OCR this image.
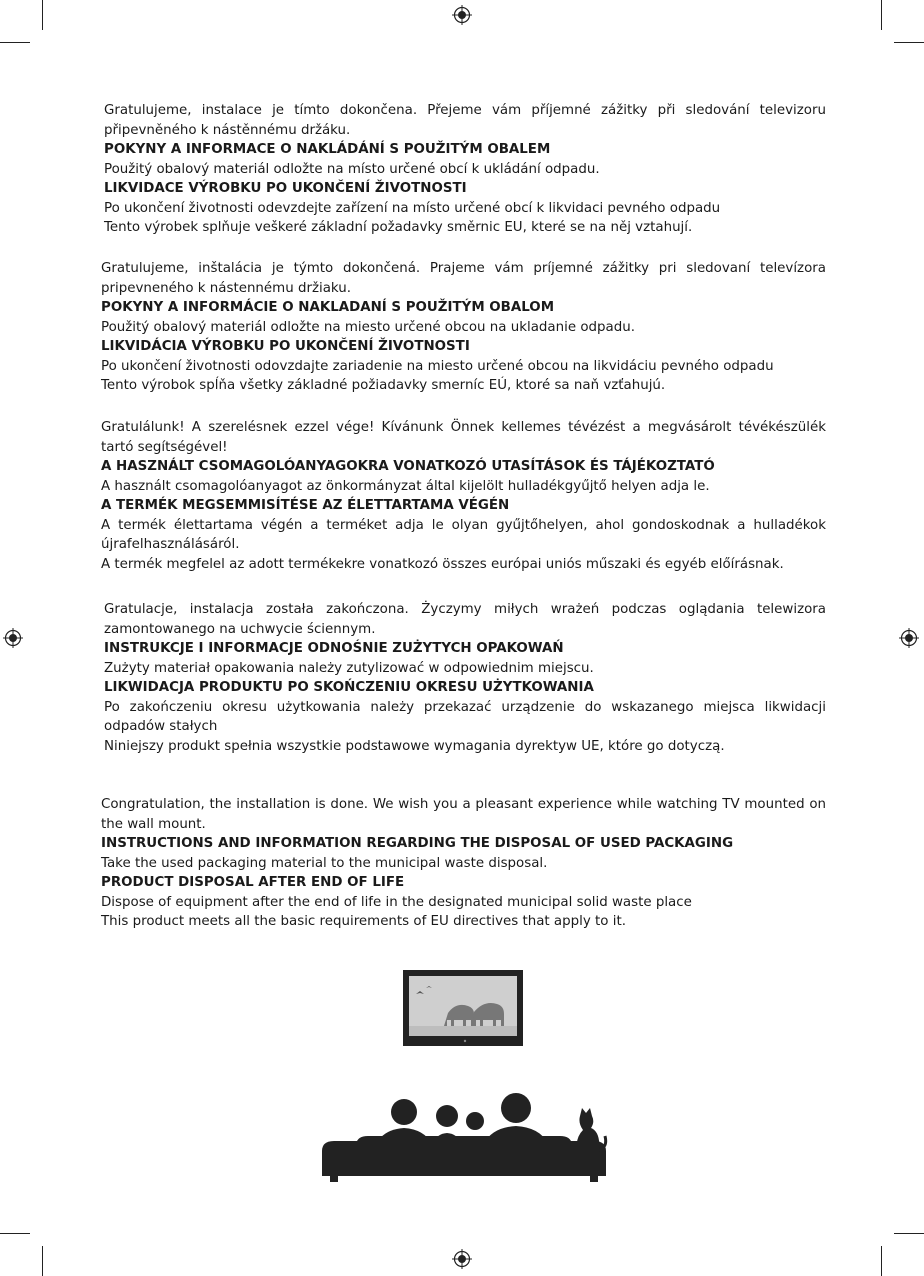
Gratulujeme, instalace je tímto dokončena. Přejeme vám příjemné zážitky při sledování televizoru připevněného k nástěnnému držáku.

POKYNY A INFORMACE O NAKLÁDÁNÍ S POUŽITÝM OBALEM

Použitý obalový materiál odložte na místo určené obcí k ukládání odpadu.

LIKVIDACE VÝROBKU PO UKONČENÍ ŽIVOTNOSTI

Po ukončení životnosti odevzdejte zařízení na místo určené obcí k likvidaci pevného odpadu

Tento výrobek splňuje veškeré základní požadavky směrnic EU, které se na něj vztahují.

Gratulujeme, inštalácia je týmto dokončená. Prajeme vám príjemné zážitky pri sledovaní televízora pripevneného k nástennému držiaku.

POKYNY A INFORMÁCIE O NAKLADANÍ S POUŽITÝM OBALOM

Použitý obalový materiál odložte na miesto určené obcou na ukladanie odpadu.

LIKVIDÁCIA VÝROBKU PO UKONČENÍ ŽIVOTNOSTI

Po ukončení životnosti odovzdajte zariadenie na miesto určené obcou na likvidáciu pevného odpadu

Tento výrobok spĺňa všetky základné požiadavky smerníc EÚ, ktoré sa naň vzťahujú.

Gratulálunk! A szerelésnek ezzel vége! Kívánunk Önnek kellemes tévézést a megvásárolt tévékészülék tartó segítségével!

A HASZNÁLT CSOMAGOLÓANYAGOKRA VONATKOZÓ UTASÍTÁSOK ÉS TÁJÉKOZTATÓ

A használt csomagolóanyagot az önkormányzat által kijelölt hulladékgyűjtő helyen adja le.

A TERMÉK MEGSEMMISÍTÉSE AZ ÉLETTARTAMA VÉGÉN

A termék élettartama végén a terméket adja le olyan gyűjtőhelyen, ahol gondoskodnak a hulladékok újrafelhasználásáról.

A termék megfelel az adott termékekre vonatkozó összes európai uniós műszaki és egyéb előírásnak.

Gratulacje, instalacja została zakończona. Życzymy miłych wrażeń podczas oglądania telewizora zamontowanego na uchwycie ściennym.

INSTRUKCJE I INFORMACJE ODNOŚNIE ZUŻYTYCH OPAKOWAŃ

Zużyty materiał opakowania należy zutylizować w odpowiednim miejscu.

LIKWIDACJA PRODUKTU PO SKOŃCZENIU OKRESU UŻYTKOWANIA

Po zakończeniu okresu użytkowania należy przekazać urządzenie do wskazanego miejsca likwidacji odpadów stałych

Niniejszy produkt spełnia wszystkie podstawowe wymagania dyrektyw UE, które go dotyczą.

Congratulation, the installation is done. We wish you a pleasant experience while watching TV mounted on the wall mount.

INSTRUCTIONS AND INFORMATION REGARDING THE DISPOSAL OF USED PACKAGING

Take the used packaging material to the municipal waste disposal.

PRODUCT DISPOSAL AFTER END OF LIFE

Dispose of equipment after the end of life in the designated municipal solid waste place

This product meets all the basic requirements of EU directives that apply to it.
